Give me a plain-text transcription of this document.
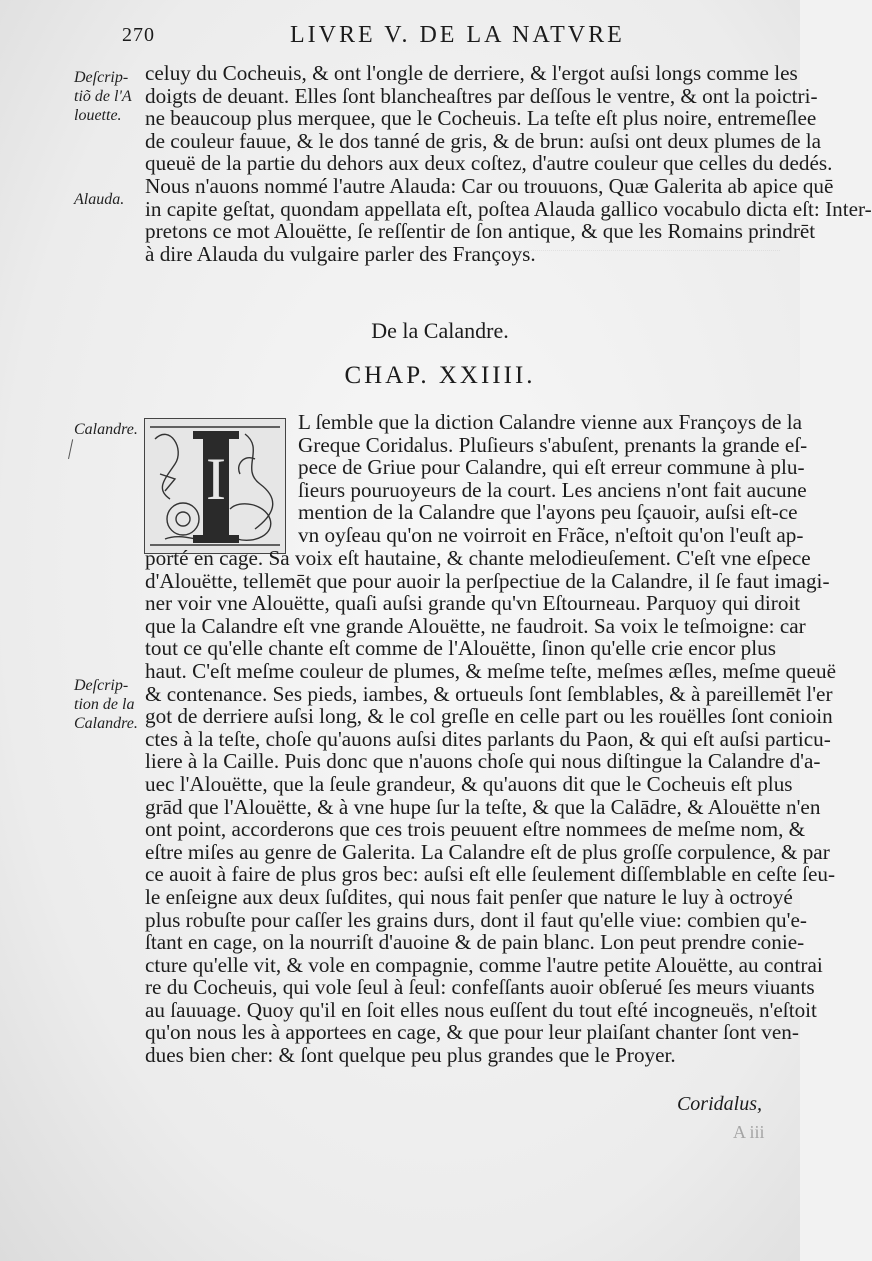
270	LIVRE V. DE LA NATVRE
Deſcrip-
tiõ de l'A
louette.
Alauda.
Calandre.
Deſcrip-
tion de la
Calandre.
celuy du Cocheuis, & ont l'ongle de derriere, & l'ergot auſsi longs comme les
doigts de deuant. Elles ſont blancheaſtres par deſſous le ventre, & ont la poictri-
ne beaucoup plus merquee, que le Cocheuis. La teſte eſt plus noire, entremeſlee
de couleur fauue, & le dos tanné de gris, & de brun: auſsi ont deux plumes de la
queuë de la partie du dehors aux deux coſtez, d'autre couleur que celles du dedés.
Nous n'auons nommé l'autre Alauda: Car ou trouuons, Quæ Galerita ab apice quē
in capite geſtat, quondam appellata eſt, poſtea Alauda gallico vocabulo dicta eſt: Inter-
pretons ce mot Alouëtte, ſe reſſentir de ſon antique, & que les Romains prindrēt
à dire Alauda du vulgaire parler des Françoys.
De la Calandre.
CHAP. XXIIII.
I
L ſemble que la diction Calandre vienne aux Françoys de la
Greque Coridalus. Pluſieurs s'abuſent, prenants la grande eſ-
pece de Griue pour Calandre, qui eſt erreur commune à plu-
ſieurs pouruoyeurs de la court. Les anciens n'ont fait aucune
mention de la Calandre que l'ayons peu ſçauoir, auſsi eſt-ce
vn oyſeau qu'on ne voirroit en Frãce, n'eſtoit qu'on l'euſt ap-
porté en cage. Sa voix eſt hautaine, & chante melodieuſement. C'eſt vne eſpece
d'Alouëtte, tellemēt que pour auoir la perſpectiue de la Calandre, il ſe faut imagi-
ner voir vne Alouëtte, quaſi auſsi grande qu'vn Eſtourneau. Parquoy qui diroit
que la Calandre eſt vne grande Alouëtte, ne faudroit. Sa voix le teſmoigne: car
tout ce qu'elle chante eſt comme de l'Alouëtte, ſinon qu'elle crie encor plus
haut. C'eſt meſme couleur de plumes, & meſme teſte, meſmes æſles, meſme queuë
& contenance. Ses pieds, iambes, & ortueuls ſont ſemblables, & à pareillemēt l'er
got de derriere auſsi long, & le col greſle en celle part ou les rouëlles ſont conioin
ctes à la teſte, choſe qu'auons auſsi dites parlants du Paon, & qui eſt auſsi particu-
liere à la Caille. Puis donc que n'auons choſe qui nous diſtingue la Calandre d'a-
uec l'Alouëtte, que la ſeule grandeur, & qu'auons dit que le Cocheuis eſt plus
grād que l'Alouëtte, & à vne hupe ſur la teſte, & que la Calādre, & Alouëtte n'en
ont point, accorderons que ces trois peuuent eſtre nommees de meſme nom, &
eſtre miſes au genre de Galerita. La Calandre eſt de plus groſſe corpulence, & par
ce auoit à faire de plus gros bec: auſsi eſt elle ſeulement diſſemblable en ceſte ſeu-
le enſeigne aux deux ſuſdites, qui nous fait penſer que nature le luy à octroyé
plus robuſte pour caſſer les grains durs, dont il faut qu'elle viue: combien qu'e-
ſtant en cage, on la nourriſt d'auoine & de pain blanc. Lon peut prendre conie-
cture qu'elle vit, & vole en compagnie, comme l'autre petite Alouëtte, au contrai
re du Cocheuis, qui vole ſeul à ſeul: confeſſants auoir obſerué ſes meurs viuants
au ſauuage. Quoy qu'il en ſoit elles nous euſſent du tout eſté incogneuës, n'eſtoit
qu'on nous les à apportees en cage, & que pour leur plaiſant chanter ſont ven-
dues bien cher: & ſont quelque peu plus grandes que le Proyer.
Coridalus,
A iii
